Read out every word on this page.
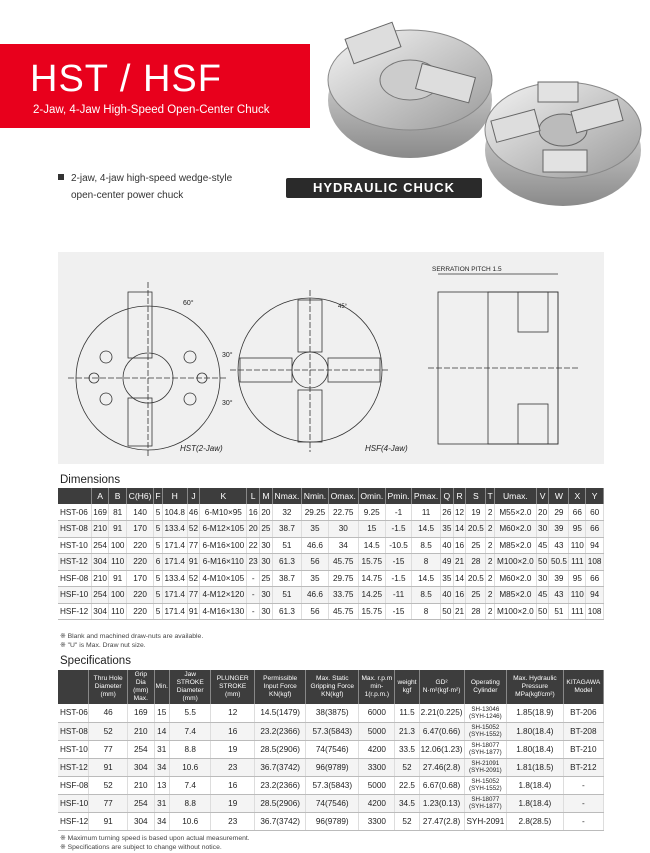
HST / HSF
2-Jaw, 4-Jaw High-Speed Open-Center Chuck
2-jaw, 4-jaw high-speed wedge-style
open-center power chuck
HYDRAULIC CHUCK
SERRATION PITCH 1.5
HST(2-Jaw)	HSF(4-Jaw)
60°
30°
30°
45°
Dimensions
	A	B	C(H6)	F	H	J	K	L	M	Nmax.	Nmin.	Omax.	Omin.	Pmin.	Pmax.	Q	R	S	T	Umax.	V	W	X	Y
HST-06	169	81	140	5	104.8	46	6-M10×95	16	20	32	29.25	22.75	9.25	-1	11	26	12	19	2	M55×2.0	20	29	66	60
HST-08	210	91	170	5	133.4	52	6-M12×105	20	25	38.7	35	30	15	-1.5	14.5	35	14	20.5	2	M60×2.0	30	39	95	66
HST-10	254	100	220	5	171.4	77	6-M16×100	22	30	51	46.6	34	14.5	-10.5	8.5	40	16	25	2	M85×2.0	45	43	110	94
HST-12	304	110	220	6	171.4	91	6-M16×110	23	30	61.3	56	45.75	15.75	-15	8	49	21	28	2	M100×2.0	50	50.5	111	108
HSF-08	210	91	170	5	133.4	52	4-M10×105	-	25	38.7	35	29.75	14.75	-1.5	14.5	35	14	20.5	2	M60×2.0	30	39	95	66
HSF-10	254	100	220	5	171.4	77	4-M12×120	-	30	51	46.6	33.75	14.25	-11	8.5	40	16	25	2	M85×2.0	45	43	110	94
HSF-12	304	110	220	5	171.4	91	4-M16×130	-	30	61.3	56	45.75	15.75	-15	8	50	21	28	2	M100×2.0	50	51	111	108
※ Blank and machined draw-nuts are available.
※ "U" is Max. Draw nut size.
Specifications
	Thru Hole Diameter (mm)	Grip Dia (mm) Max.	Min.	Jaw STROKE Diameter (mm)	PLUNGER STROKE (mm)	Permissible Input Force KN(kgf)	Max. Static Gripping Force KN(kgf)	Max. r.p.m min-1(r.p.m.)	weight kgf	GD² N·m²(kgf·m²)	Operating Cylinder	Max. Hydraulic Pressure MPa(kgf/cm²)	KITAGAWA Model
HST-06	46	169	15	5.5	12	14.5(1479)	38(3875)	6000	11.5	2.21(0.225)	SH-13046
(SYH-1246)	1.85(18.9)	BT-206
HST-08	52	210	14	7.4	16	23.2(2366)	57.3(5843)	5000	21.3	6.47(0.66)	SH-15052
(SYH-1552)	1.80(18.4)	BT-208
HST-10	77	254	31	8.8	19	28.5(2906)	74(7546)	4200	33.5	12.06(1.23)	SH-18077
(SYH-1877)	1.80(18.4)	BT-210
HST-12	91	304	34	10.6	23	36.7(3742)	96(9789)	3300	52	27.46(2.8)	SH-21091
(SYH-2091)	1.81(18.5)	BT-212
HSF-08	52	210	13	7.4	16	23.2(2366)	57.3(5843)	5000	22.5	6.67(0.68)	SH-15052
(SYH-1552)	1.8(18.4)	-
HSF-10	77	254	31	8.8	19	28.5(2906)	74(7546)	4200	34.5	1.23(0.13)	SH-18077
(SYH-1877)	1.8(18.4)	-
HSF-12	91	304	34	10.6	23	36.7(3742)	96(9789)	3300	52	27.47(2.8)	SYH-2091	2.8(28.5)	-
※ Maximum turning speed is based upon actual measurement.
※ Specifications are subject to change without notice.
